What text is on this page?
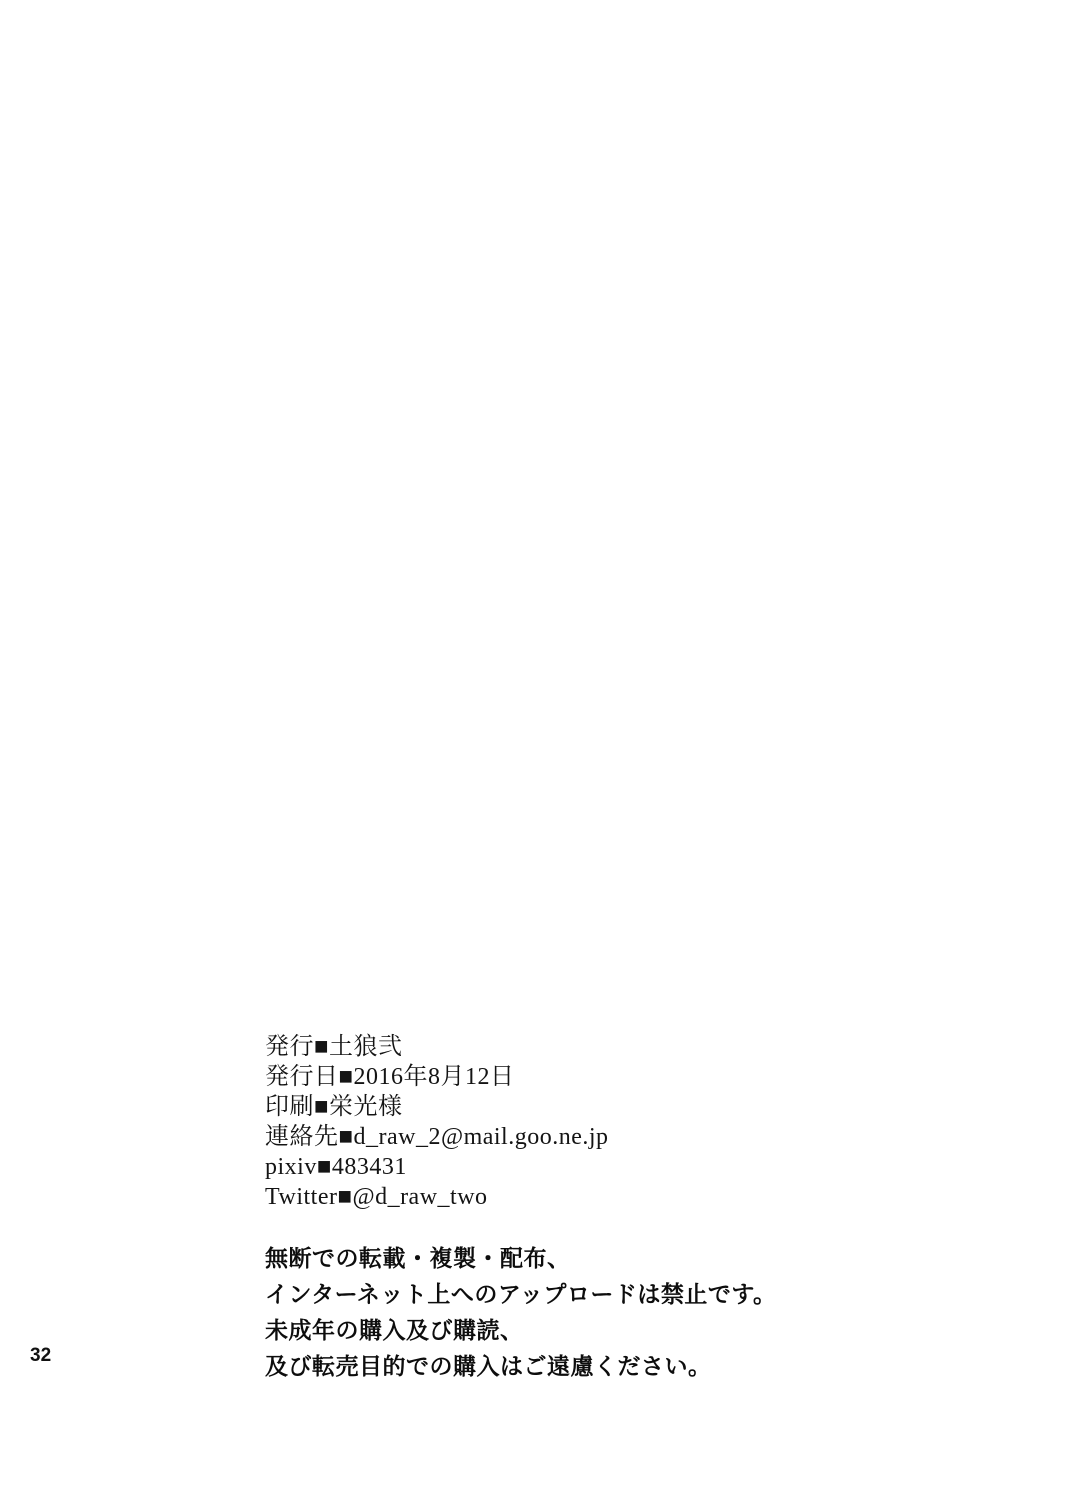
32
発行■土狼弐
発行日■2016年8月12日
印刷■栄光様
連絡先■d_raw_2@mail.goo.ne.jp
pixiv■483431
Twitter■@d_raw_two
無断での転載・複製・配布、
インターネット上へのアップロードは禁止です。
未成年の購入及び購読、
及び転売目的での購入はご遠慮ください。
